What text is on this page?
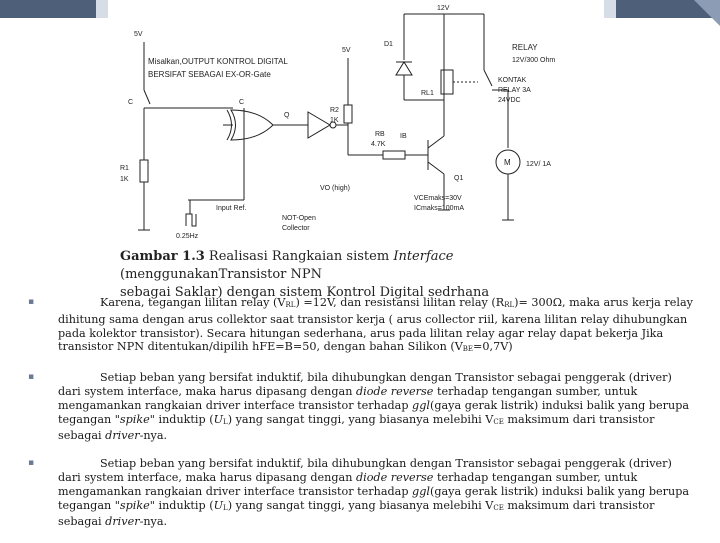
12V
5V
5V
Misalkan,OUTPUT KONTROL DIGITAL
BERSIFAT SEBAGAI EX-OR-Gate
C	C
Q
R1
1K
R2
1K
RB
4.7K
IB
D1
RL1
RELAY
12V/300 Ohm
KONTAK
RELAY 3A
24VDC
M 12V/ 1A
VO (high)
Input Ref.
0.25Hz
NOT-Open
Collector
Q1
VCEmaks=30V
ICmaks=100mA
Gambar 1.3 Realisasi Rangkaian sistem Interface (menggunakanTransistor NPN
sebagai Saklar) dengan sistem Kontrol Digital sedrhana
▪	Karena, tegangan lilitan relay (VRL) =12V, dan resistansi lilitan relay (RRL)= 300Ω, maka arus kerja relay dihitung sama dengan arus collektor saat transistor kerja ( arus collector riil, karena lilitan relay dihubungkan pada kolektor transistor). Secara hitungan sederhana, arus pada lilitan relay agar relay dapat bekerja Jika transistor NPN ditentukan/dipilih hFE=B=50, dengan bahan Silikon (VBE=0,7V)
▪	Setiap beban yang bersifat induktif, bila dihubungkan dengan Transistor sebagai penggerak (driver) dari system interface, maka harus dipasang dengan diode reverse terhadap tengangan sumber, untuk mengamankan rangkaian driver interface transistor terhadap ggl(gaya gerak listrik) induksi balik yang berupa tegangan "spike" induktip (UL) yang sangat tinggi, yang biasanya melebihi VCE maksimum dari transistor sebagai driver-nya.
▪	Setiap beban yang bersifat induktif, bila dihubungkan dengan Transistor sebagai penggerak (driver) dari system interface, maka harus dipasang dengan diode reverse terhadap tengangan sumber, untuk mengamankan rangkaian driver interface transistor terhadap ggl(gaya gerak listrik) induksi balik yang berupa tegangan "spike" induktip (UL) yang sangat tinggi, yang biasanya melebihi VCE maksimum dari transistor sebagai driver-nya.
